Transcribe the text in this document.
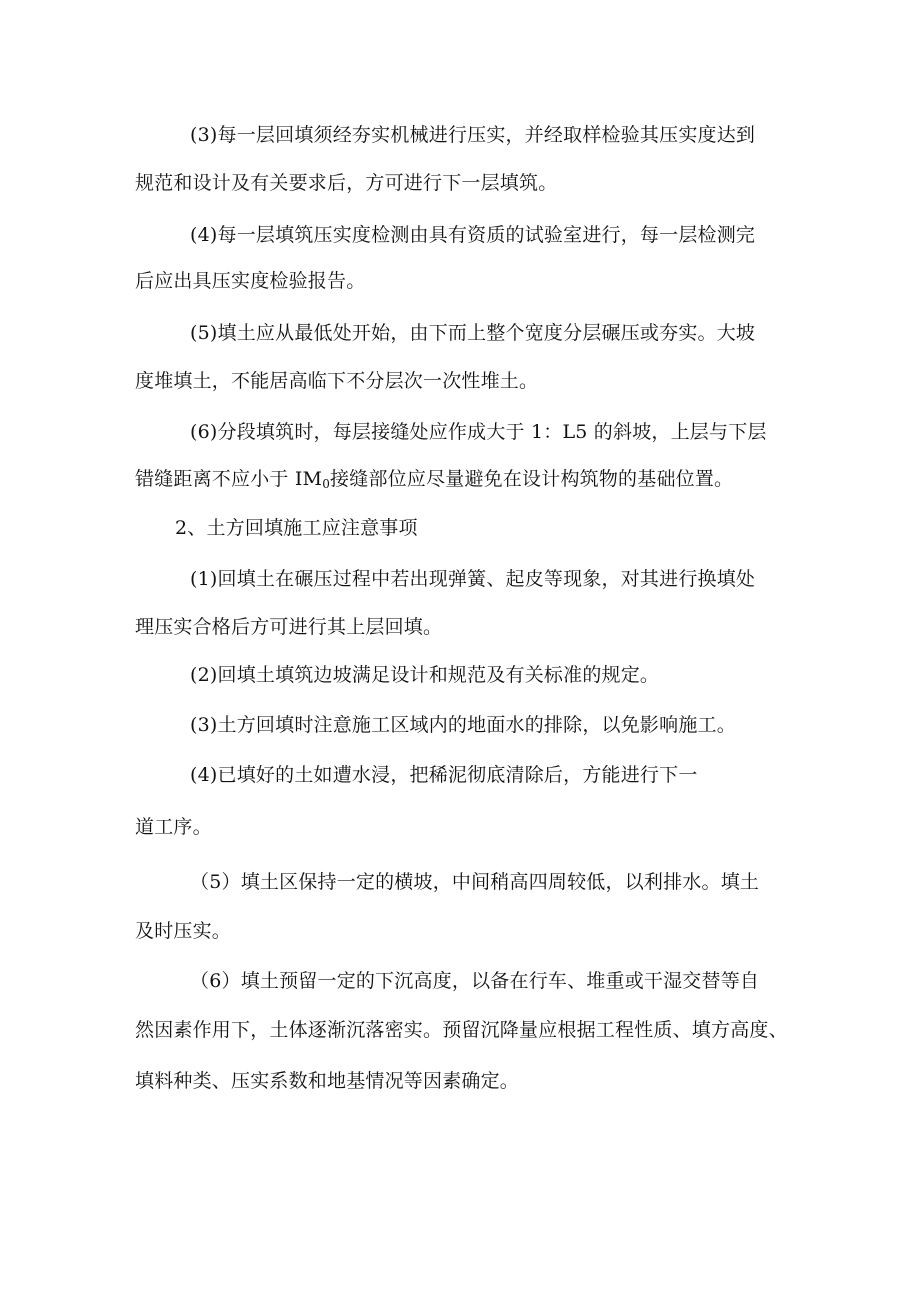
(3)每一层回填须经夯实机械进行压实，并经取样检验其压实度达到
规范和设计及有关要求后，方可进行下一层填筑。
(4)每一层填筑压实度检测由具有资质的试验室进行，每一层检测完
后应出具压实度检验报告。
(5)填土应从最低处开始，由下而上整个宽度分层碾压或夯实。大坡
度堆填土，不能居高临下不分层次一次性堆土。
(6)分段填筑时，每层接缝处应作成大于 1：L5 的斜坡，上层与下层
错缝距离不应小于 $IM_0$接缝部位应尽量避免在设计构筑物的基础位置。
2、土方回填施工应注意事项
(1)回填土在碾压过程中若出现弹簧、起皮等现象，对其进行换填处
理压实合格后方可进行其上层回填。
(2)回填土填筑边坡满足设计和规范及有关标准的规定。
(3)土方回填时注意施工区域内的地面水的排除，以免影响施工。
(4)已填好的土如遭水浸，把稀泥彻底清除后，方能进行下一
道工序。
（5）填土区保持一定的横坡，中间稍高四周较低，以利排水。填土
及时压实。
（6）填土预留一定的下沉高度，以备在行车、堆重或干湿交替等自
然因素作用下，土体逐渐沉落密实。预留沉降量应根据工程性质、填方高度、
填料种类、压实系数和地基情况等因素确定。
